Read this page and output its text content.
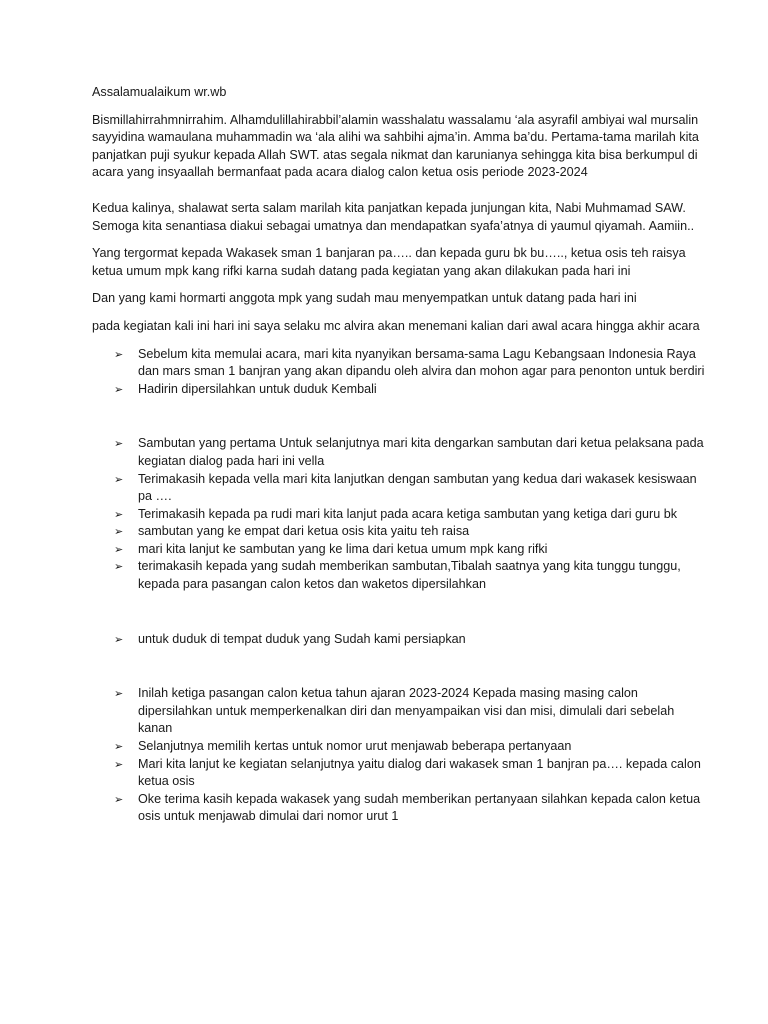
Assalamualaikum wr.wb

Bismillahirrahmnirrahim. Alhamdulillahirabbil’alamin wasshalatu wassalamu ‘ala asyrafil ambiyai wal mursalin sayyidina wamaulana muhammadin wa ‘ala alihi wa sahbihi ajma’in. Amma ba’du. Pertama-tama marilah kita panjatkan puji syukur kepada Allah SWT. atas segala nikmat dan karunianya sehingga kita bisa berkumpul di acara yang insyaallah bermanfaat pada acara dialog calon ketua osis periode 2023-2024

Kedua kalinya, shalawat serta salam marilah kita panjatkan kepada junjungan kita, Nabi Muhmamad SAW. Semoga kita senantiasa diakui sebagai umatnya dan mendapatkan syafa’atnya di yaumul qiyamah. Aamiin..

Yang tergormat kepada Wakasek sman 1 banjaran pa….. dan kepada guru bk bu….., ketua osis teh raisya ketua umum mpk kang rifki karna sudah datang pada kegiatan yang akan dilakukan pada hari ini

Dan yang kami hormarti anggota mpk yang sudah mau menyempatkan untuk datang pada hari ini

pada kegiatan kali ini hari ini saya selaku mc alvira akan menemani kalian dari awal acara hingga akhir acara

➢	Sebelum kita memulai acara, mari kita nyanyikan bersama-sama Lagu Kebangsaan Indonesia Raya dan mars sman 1 banjran yang akan dipandu oleh alvira dan mohon agar para penonton untuk berdiri
➢	Hadirin dipersilahkan untuk duduk Kembali
➢	Sambutan yang pertama Untuk selanjutnya mari kita dengarkan sambutan dari ketua pelaksana pada kegiatan dialog pada hari ini vella
➢	Terimakasih kepada vella mari kita lanjutkan dengan sambutan yang kedua dari wakasek kesiswaan pa ….
➢	Terimakasih kepada pa rudi mari kita lanjut pada acara ketiga sambutan yang ketiga dari guru bk
➢	sambutan yang ke empat dari ketua osis kita yaitu teh raisa
➢	mari kita lanjut ke sambutan yang ke lima dari ketua umum mpk kang rifki
➢	terimakasih kepada yang sudah memberikan sambutan,Tibalah saatnya yang kita tunggu tunggu, kepada para pasangan calon ketos dan waketos dipersilahkan
➢	untuk duduk di tempat duduk yang Sudah kami persiapkan
➢	Inilah ketiga pasangan calon ketua tahun ajaran 2023-2024 Kepada masing masing calon dipersilahkan untuk memperkenalkan diri dan menyampaikan visi dan misi, dimulali dari sebelah kanan
➢	Selanjutnya memilih kertas untuk nomor urut menjawab beberapa pertanyaan
➢	Mari kita lanjut ke kegiatan selanjutnya yaitu dialog dari wakasek sman 1 banjran pa…. kepada calon ketua osis
➢	Oke terima kasih kepada wakasek yang sudah memberikan pertanyaan silahkan kepada calon ketua osis untuk menjawab dimulai dari nomor urut 1
